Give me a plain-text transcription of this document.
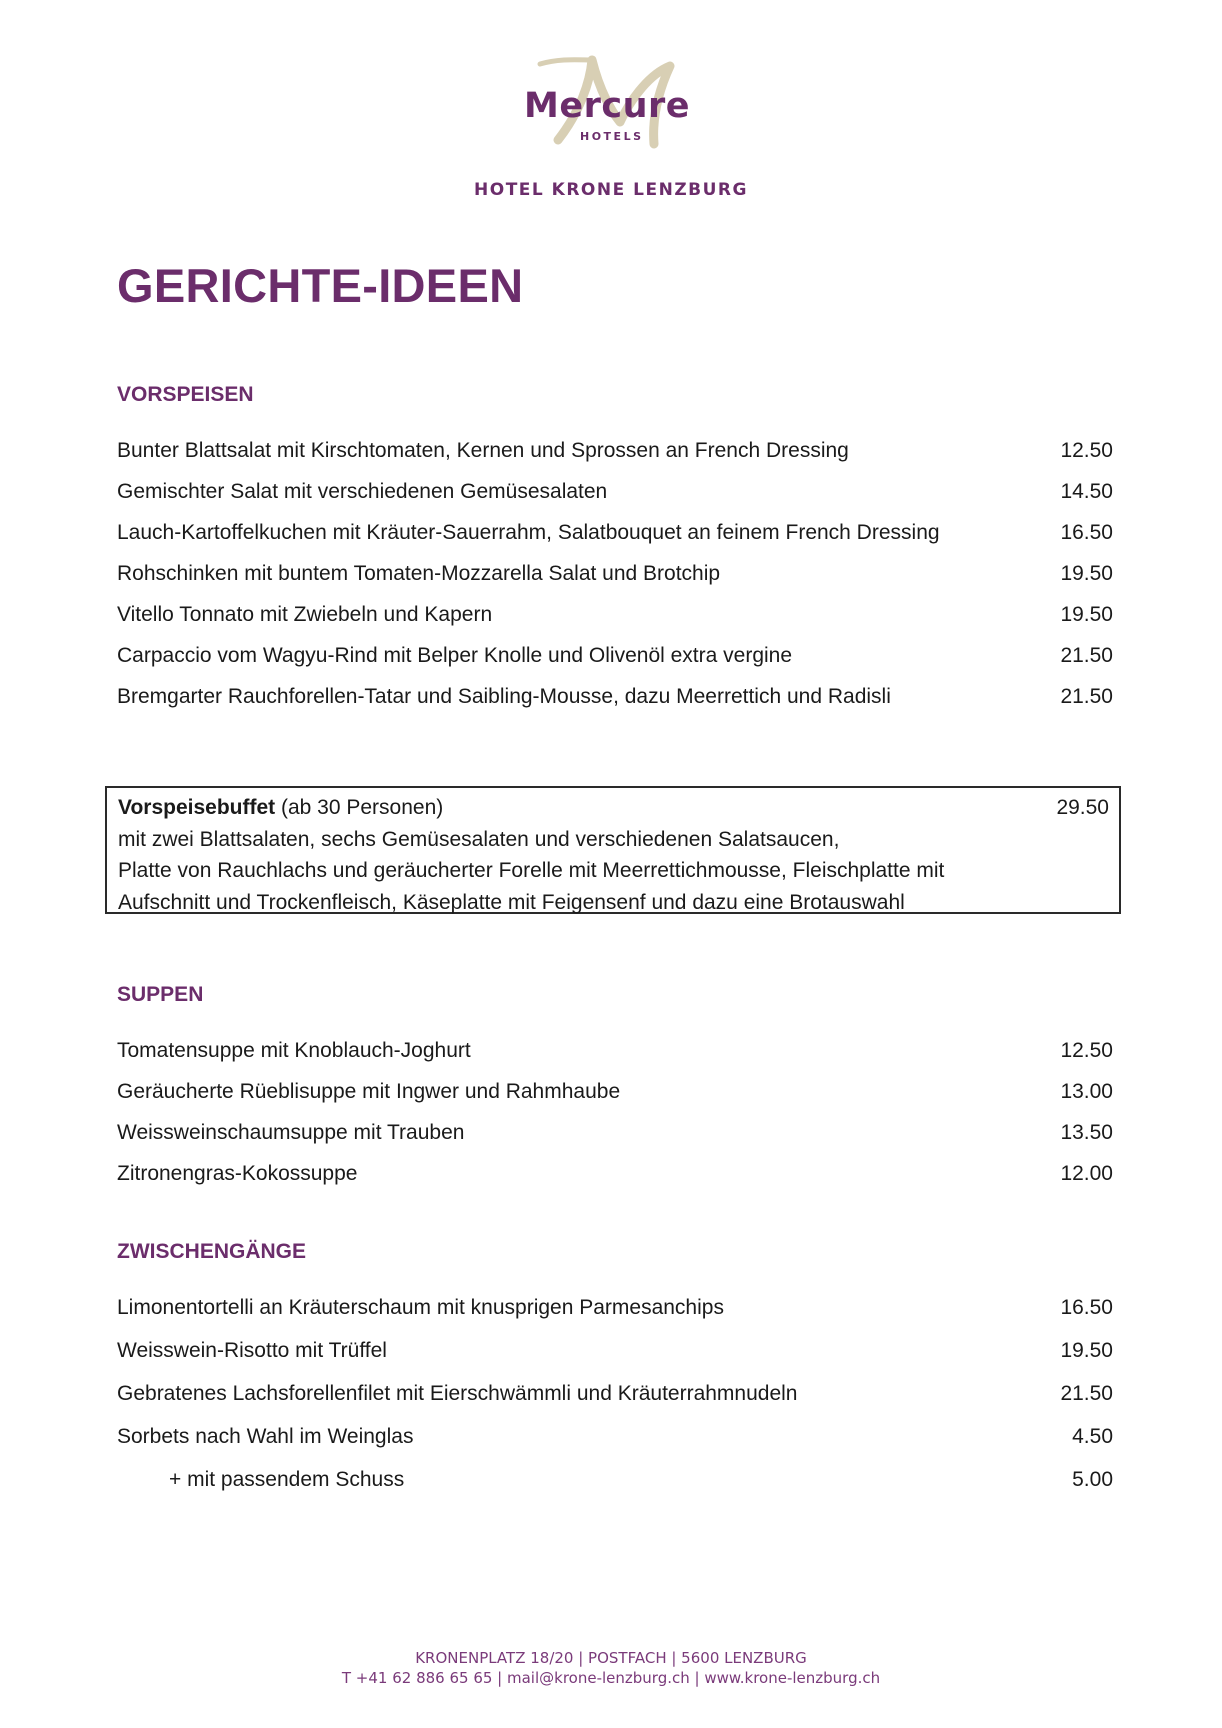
Mercure
HOTELS
HOTEL KRONE LENZBURG
GERICHTE-IDEEN
VORSPEISEN
Bunter Blattsalat mit Kirschtomaten, Kernen und Sprossen an French Dressing	12.50
Gemischter Salat mit verschiedenen Gemüsesalaten	14.50
Lauch-Kartoffelkuchen mit Kräuter-Sauerrahm, Salatbouquet an feinem French Dressing	16.50
Rohschinken mit buntem Tomaten-Mozzarella Salat und Brotchip	19.50
Vitello Tonnato mit Zwiebeln und Kapern	19.50
Carpaccio vom Wagyu-Rind mit Belper Knolle und Olivenöl extra vergine	21.50
Bremgarter Rauchforellen-Tatar und Saibling-Mousse, dazu Meerrettich und Radisli	21.50
Vorspeisebuffet (ab 30 Personen)	29.50
mit zwei Blattsalaten, sechs Gemüsesalaten und verschiedenen Salatsaucen,
Platte von Rauchlachs und geräucherter Forelle mit Meerrettichmousse, Fleischplatte mit
Aufschnitt und Trockenfleisch, Käseplatte mit Feigensenf und dazu eine Brotauswahl
SUPPEN
Tomatensuppe mit Knoblauch-Joghurt	12.50
Geräucherte Rüeblisuppe mit Ingwer und Rahmhaube	13.00
Weissweinschaumsuppe mit Trauben	13.50
Zitronengras-Kokossuppe	12.00
ZWISCHENGÄNGE
Limonentortelli an Kräuterschaum mit knusprigen Parmesanchips	16.50
Weisswein-Risotto mit Trüffel	19.50
Gebratenes Lachsforellenfilet mit Eierschwämmli und Kräuterrahmnudeln	21.50
Sorbets nach Wahl im Weinglas	4.50
+ mit passendem Schuss	5.00
KRONENPLATZ 18/20 | POSTFACH | 5600 LENZBURG
T +41 62 886 65 65 | mail@krone-lenzburg.ch | www.krone-lenzburg.ch
